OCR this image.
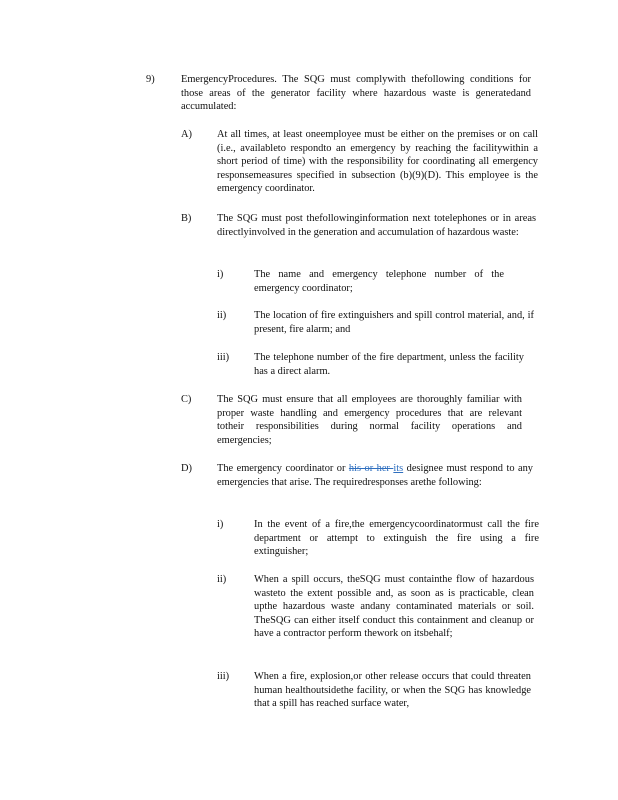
9)	EmergencyProcedures. The SQG must complywith thefollowing conditions for those areas of the generator facility where hazardous waste is generatedand accumulated:
A) At all times, at least oneemployee must be either on the premises or on call (i.e., availableto respondto an emergency by reaching the facilitywithin a short period of time) with the responsibility for coordinating all emergency responsemeasures specified in subsection (b)(9)(D). This employee is the emergency coordinator.
B) The SQG must post thefollowinginformation next totelephones or in areas directlyinvolved in the generation and accumulation of hazardous waste:
i)	The name and emergency telephone number of the emergency coordinator;
ii)	The location of fire extinguishers and spill control material, and, if present, fire alarm; and
iii) The telephone number of the fire department, unless the facility has a direct alarm.
C) The SQG must ensure that all employees are thoroughly familiar with proper waste handling and emergency procedures that are relevant totheir responsibilities during normal facility operations and emergencies;
D) The emergency coordinator or his or her its designee must respond to any emergencies that arise. The requiredresponses arethe following:
i)	In the event of a fire,the emergencycoordinatormust call the fire department or attempt to extinguish the fire using a fire extinguisher;
ii)	When a spill occurs, theSQG must containthe flow of hazardous wasteto the extent possible and, as soon as is practicable, clean upthe hazardous waste andany contaminated materials or soil. TheSQG can either itself conduct this containment and cleanup or have a contractor perform thework on itsbehalf;
iii) When a fire, explosion,or other release occurs that could threaten human healthoutsidethe facility, or when the SQG has knowledge that a spill has reached surface water,
